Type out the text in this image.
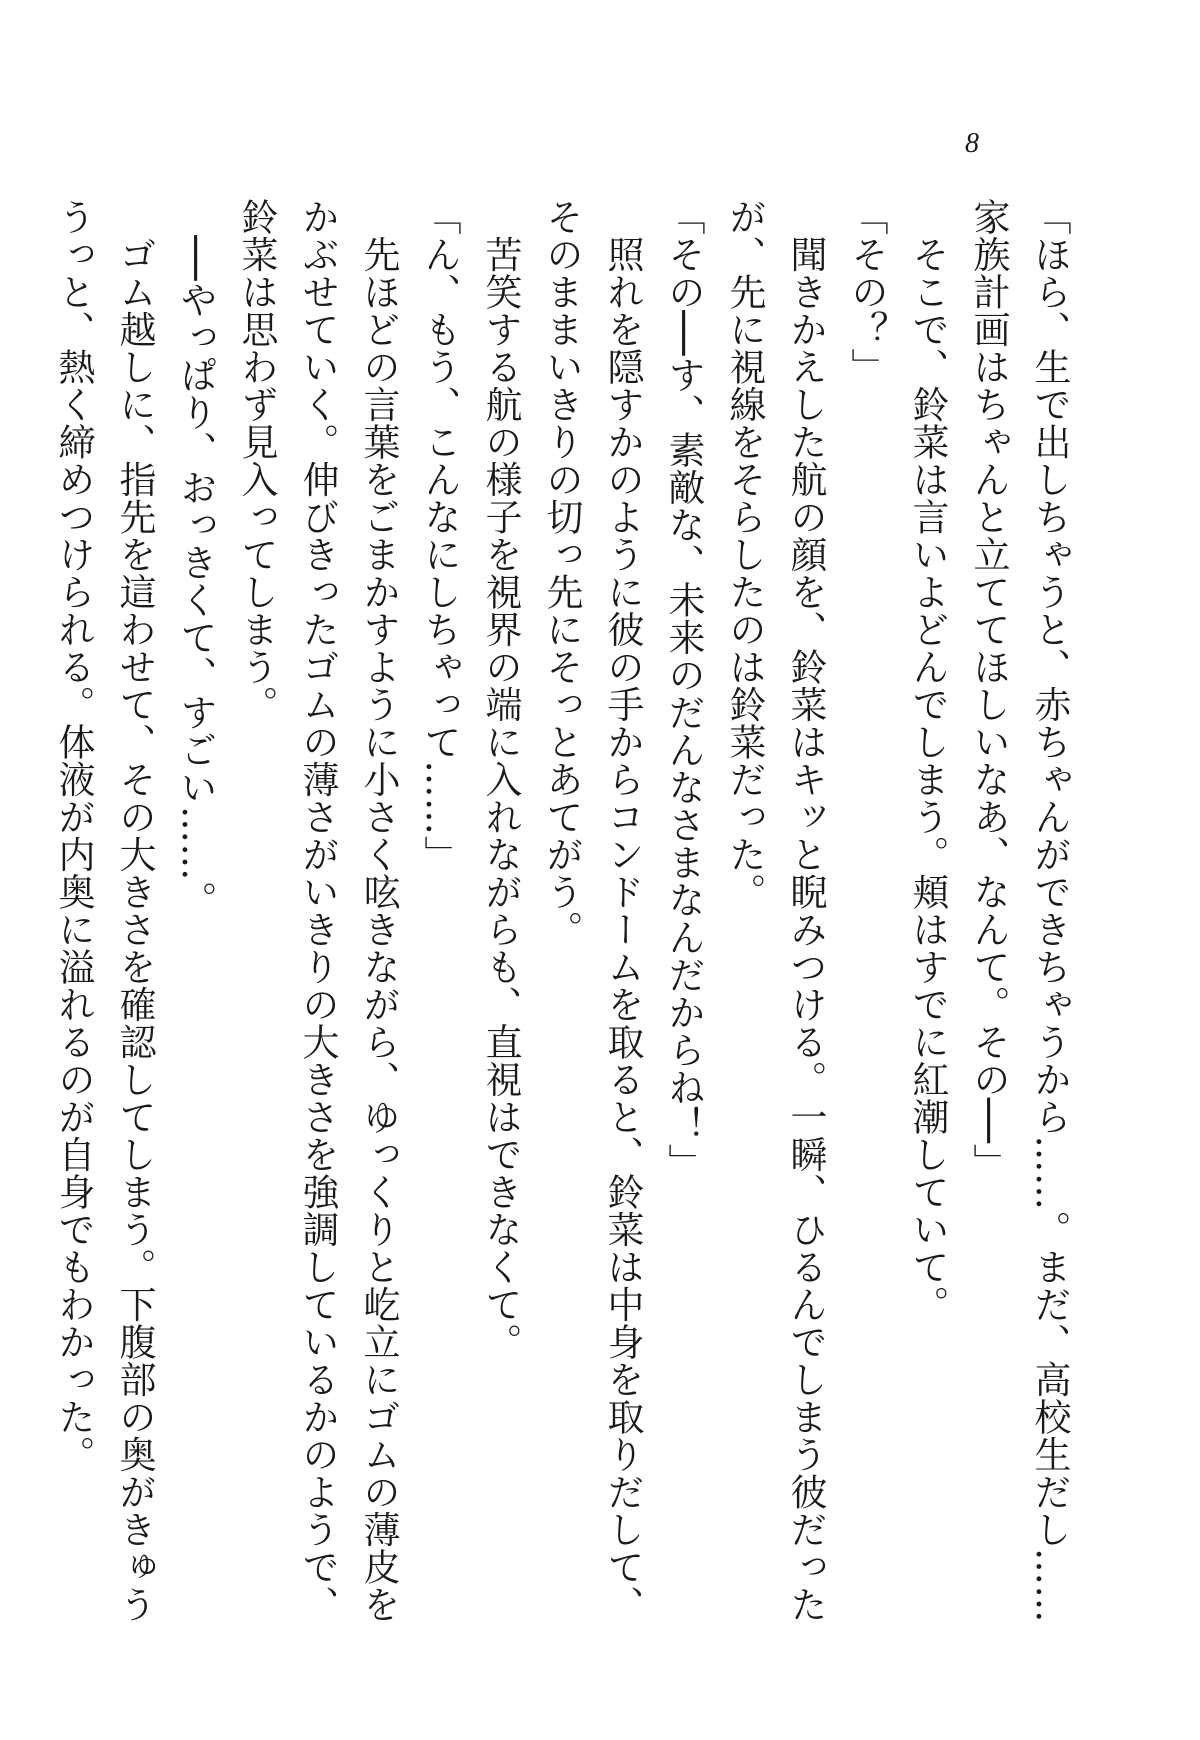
8
「ほら、生で出しちゃうと、赤ちゃんができちゃうから……。まだ、高校生だし……
家族計画はちゃんと立ててほしいなあ、なんて。その──」
　そこで、鈴菜は言いよどんでしまう。頬はすでに紅潮していて。
「その？」
　聞きかえした航の顔を、鈴菜はキッと睨みつける。一瞬、ひるんでしまう彼だった
が、先に視線をそらしたのは鈴菜だった。
「その──す、素敵な、未来のだんなさまなんだからね！」
　照れを隠すかのように彼の手からコンドームを取ると、鈴菜は中身を取りだして、
そのままいきりの切っ先にそっとあてがう。
　苦笑する航の様子を視界の端に入れながらも、直視はできなくて。
「ん、もう、こんなにしちゃって……」
　先ほどの言葉をごまかすように小さく呟きながら、ゆっくりと屹立にゴムの薄皮を
かぶせていく。伸びきったゴムの薄さがいきりの大きさを強調しているかのようで、
鈴菜は思わず見入ってしまう。
　──やっぱり、おっきくて、すごい……。
　ゴム越しに、指先を這わせて、その大きさを確認してしまう。下腹部の奥がきゅう
うっと、熱く締めつけられる。体液が内奥に溢れるのが自身でもわかった。
